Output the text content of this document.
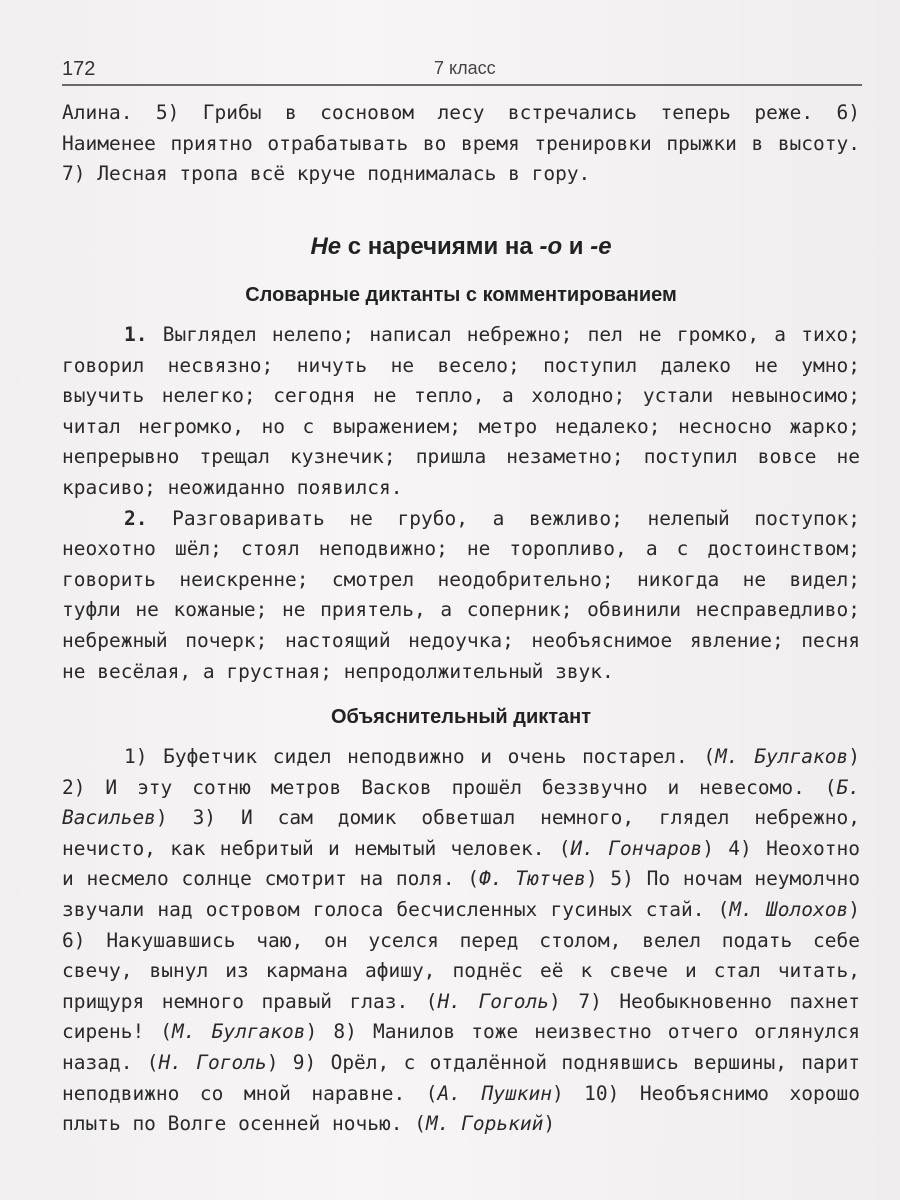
172	7 класс

Алина. 5) Грибы в сосновом лесу встречались теперь реже. 6) Наименее приятно отрабатывать во время тренировки прыжки в высоту. 7) Лесная тропа всё круче поднималась в гору.

Не с наречиями на -о и -е
Словарные диктанты с комментированием

1. Выглядел нелепо; написал небрежно; пел не громко, а тихо; говорил несвязно; ничуть не весело; поступил далеко не умно; выучить нелегко; сегодня не тепло, а холодно; устали невыносимо; читал негромко, но с выражением; метро недалеко; несносно жарко; непрерывно трещал кузнечик; пришла незаметно; поступил вовсе не красиво; неожиданно появился.

2. Разговаривать не грубо, а вежливо; нелепый поступок; неохотно шёл; стоял неподвижно; не торопливо, а с достоинством; говорить неискренне; смотрел неодобрительно; никогда не видел; туфли не кожаные; не приятель, а соперник; обвинили несправедливо; небрежный почерк; настоящий недоучка; необъяснимое явление; песня не весёлая, а грустная; непродолжительный звук.

Объяснительный диктант

1) Буфетчик сидел неподвижно и очень постарел. (М. Булгаков) 2) И эту сотню метров Васков прошёл беззвучно и невесомо. (Б. Васильев) 3) И сам домик обветшал немного, глядел небрежно, нечисто, как небритый и немытый человек. (И. Гончаров) 4) Неохотно и несмело солнце смотрит на поля. (Ф. Тютчев) 5) По ночам неумолчно звучали над островом голоса бесчисленных гусиных стай. (М. Шолохов) 6) Накушавшись чаю, он уселся перед столом, велел подать себе свечу, вынул из кармана афишу, поднёс её к свече и стал читать, прищуря немного правый глаз. (Н. Гоголь) 7) Необыкновенно пахнет сирень! (М. Булгаков) 8) Манилов тоже неизвестно отчего оглянулся назад. (Н. Гоголь) 9) Орёл, с отдалённой поднявшись вершины, парит неподвижно со мной наравне. (А. Пушкин) 10) Необъяснимо хорошо плыть по Волге осенней ночью. (М. Горький)
